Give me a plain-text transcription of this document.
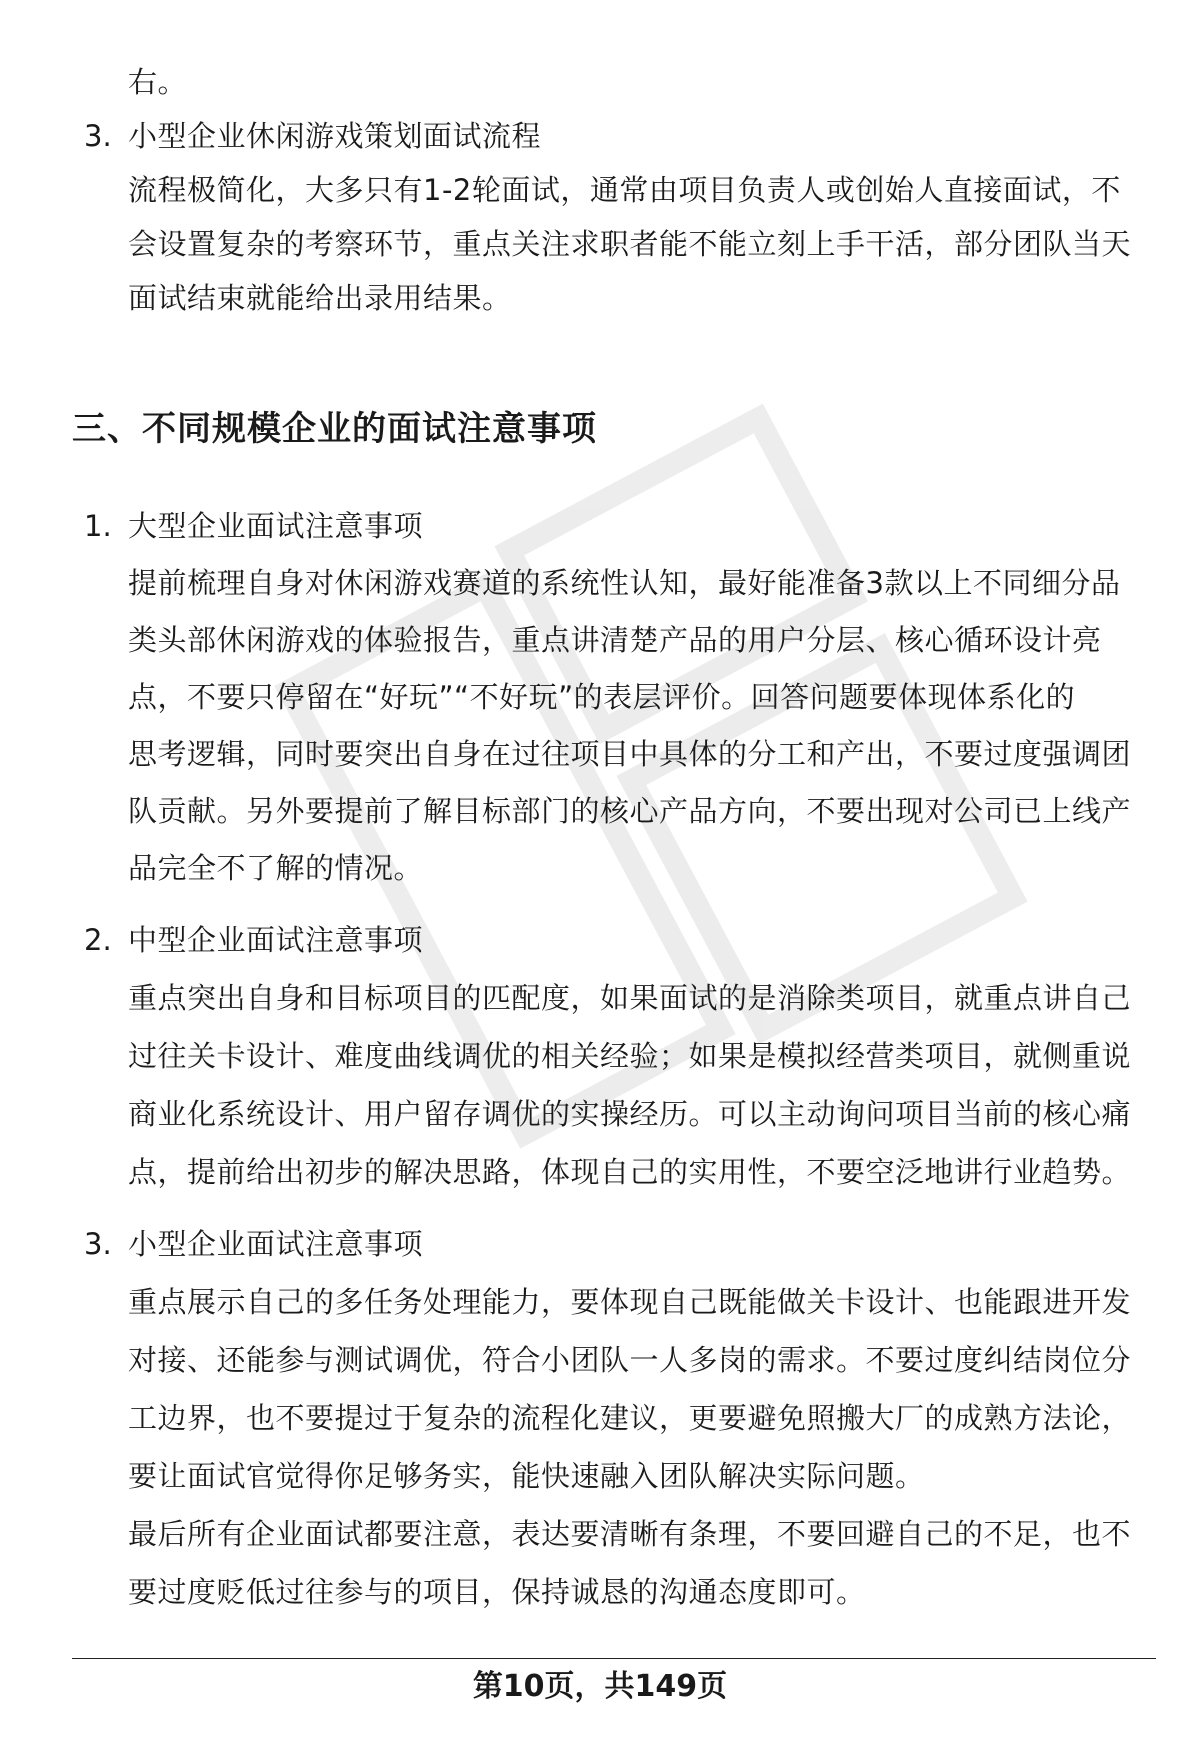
右。
3. 小型企业休闲游戏策划面试流程
流程极简化，大多只有1-2轮面试，通常由项目负责人或创始人直接面试，不
会设置复杂的考察环节，重点关注求职者能不能立刻上手干活，部分团队当天
面试结束就能给出录用结果。
三、不同规模企业的面试注意事项
1. 大型企业面试注意事项
提前梳理自身对休闲游戏赛道的系统性认知，最好能准备3款以上不同细分品
类头部休闲游戏的体验报告，重点讲清楚产品的用户分层、核心循环设计亮
点，不要只停留在“好玩”“不好玩”的表层评价。回答问题要体现体系化的
思考逻辑，同时要突出自身在过往项目中具体的分工和产出，不要过度强调团
队贡献。另外要提前了解目标部门的核心产品方向，不要出现对公司已上线产
品完全不了解的情况。
2. 中型企业面试注意事项
重点突出自身和目标项目的匹配度，如果面试的是消除类项目，就重点讲自己
过往关卡设计、难度曲线调优的相关经验；如果是模拟经营类项目，就侧重说
商业化系统设计、用户留存调优的实操经历。可以主动询问项目当前的核心痛
点，提前给出初步的解决思路，体现自己的实用性，不要空泛地讲行业趋势。
3. 小型企业面试注意事项
重点展示自己的多任务处理能力，要体现自己既能做关卡设计、也能跟进开发
对接、还能参与测试调优，符合小团队一人多岗的需求。不要过度纠结岗位分
工边界，也不要提过于复杂的流程化建议，更要避免照搬大厂的成熟方法论，
要让面试官觉得你足够务实，能快速融入团队解决实际问题。
最后所有企业面试都要注意，表达要清晰有条理，不要回避自己的不足，也不
要过度贬低过往参与的项目，保持诚恳的沟通态度即可。
第10页，共149页
